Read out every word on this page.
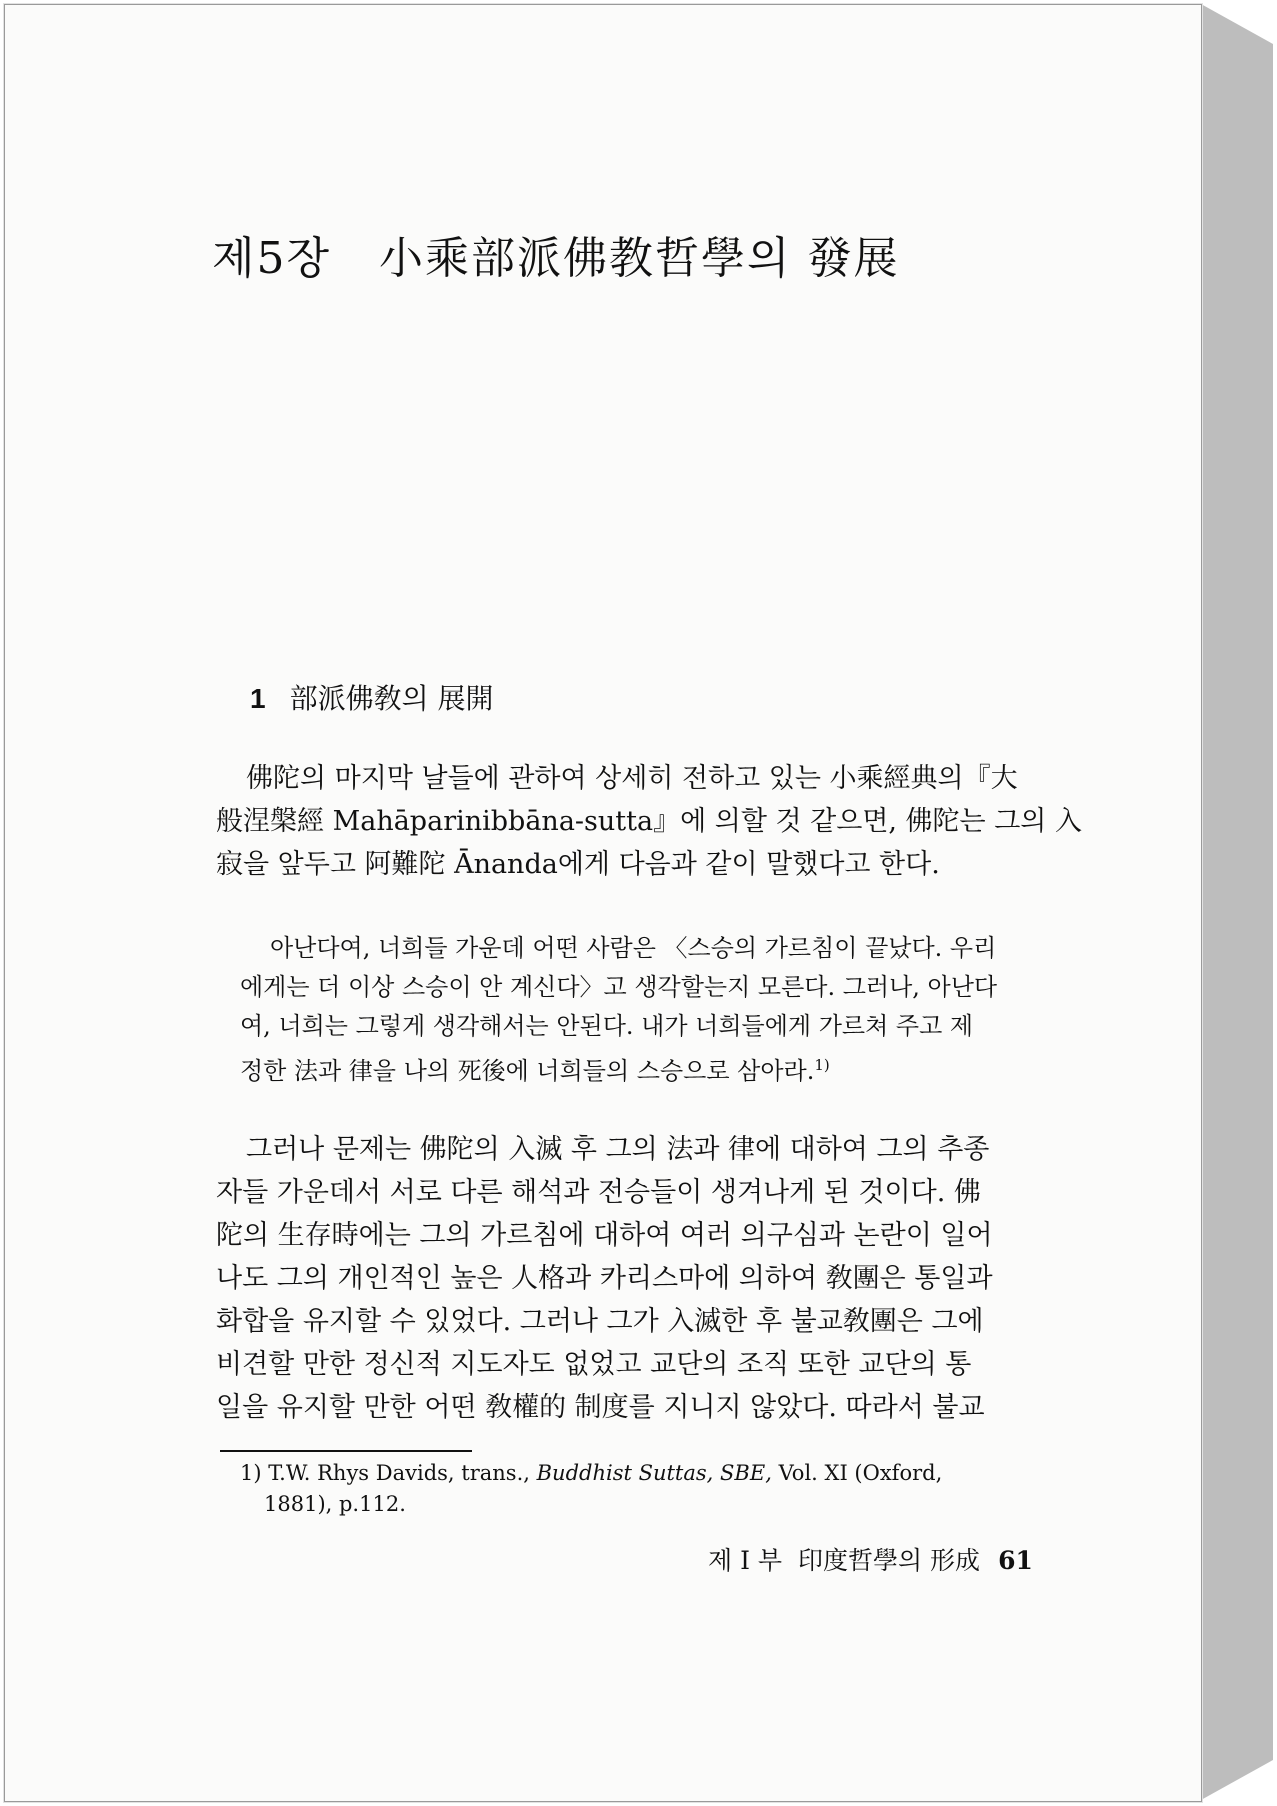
제5장 小乘部派佛教哲學의 發展
1 部派佛敎의 展開

佛陀의 마지막 날들에 관하여 상세히 전하고 있는 小乘經典의『大
般涅槃經 Mahāparinibbāna-sutta』에 의할 것 같으면, 佛陀는 그의 入
寂을 앞두고 阿難陀 Ānanda에게 다음과 같이 말했다고 한다.

아난다여, 너희들 가운데 어떤 사람은 〈스승의 가르침이 끝났다. 우리
에게는 더 이상 스승이 안 계신다〉고 생각할는지 모른다. 그러나, 아난다
여, 너희는 그렇게 생각해서는 안된다. 내가 너희들에게 가르쳐 주고 제
정한 法과 律을 나의 死後에 너희들의 스승으로 삼아라.$^{1)}$

그러나 문제는 佛陀의 入滅 후 그의 法과 律에 대하여 그의 추종
자들 가운데서 서로 다른 해석과 전승들이 생겨나게 된 것이다. 佛
陀의 生存時에는 그의 가르침에 대하여 여러 의구심과 논란이 일어
나도 그의 개인적인 높은 人格과 카리스마에 의하여 敎團은 통일과
화합을 유지할 수 있었다. 그러나 그가 入滅한 후 불교敎團은 그에
비견할 만한 정신적 지도자도 없었고 교단의 조직 또한 교단의 통
일을 유지할 만한 어떤 敎權的 制度를 지니지 않았다. 따라서 불교

1) T.W. Rhys Davids, trans., Buddhist Suttas, SBE, Vol. XI (Oxford,
1881), p.112.
제 I 부  印度哲學의 形成 61
